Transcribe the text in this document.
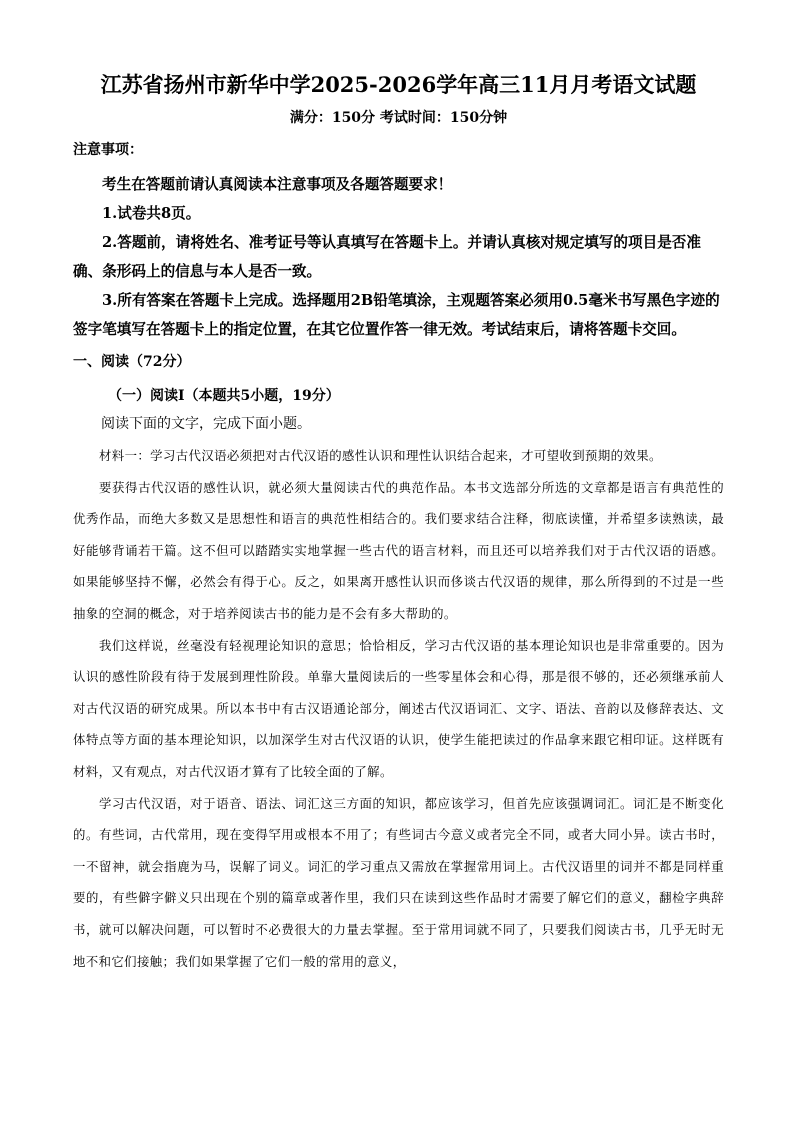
江苏省扬州市新华中学2025-2026学年高三11月月考语文试题
满分：150分 考试时间：150分钟
注意事项：

考生在答题前请认真阅读本注意事项及各题答题要求！

1.试卷共8页。

2.答题前，请将姓名、准考证号等认真填写在答题卡上。并请认真核对规定填写的项目是否准确、条形码上的信息与本人是否一致。

3.所有答案在答题卡上完成。选择题用2B铅笔填涂，主观题答案必须用0.5毫米书写黑色字迹的签字笔填写在答题卡上的指定位置，在其它位置作答一律无效。考试结束后，请将答题卡交回。

一、阅读（72分）
（一）阅读Ⅰ（本题共5小题，19分）
阅读下面的文字，完成下面小题。

材料一：学习古代汉语必须把对古代汉语的感性认识和理性认识结合起来，才可望收到预期的效果。

要获得古代汉语的感性认识，就必须大量阅读古代的典范作品。本书文选部分所选的文章都是语言有典范性的优秀作品，而绝大多数又是思想性和语言的典范性相结合的。我们要求结合注释，彻底读懂，并希望多读熟读，最好能够背诵若干篇。这不但可以踏踏实实地掌握一些古代的语言材料，而且还可以培养我们对于古代汉语的语感。如果能够坚持不懈，必然会有得于心。反之，如果离开感性认识而侈谈古代汉语的规律，那么所得到的不过是一些抽象的空洞的概念，对于培养阅读古书的能力是不会有多大帮助的。

我们这样说，丝毫没有轻视理论知识的意思；恰恰相反，学习古代汉语的基本理论知识也是非常重要的。因为认识的感性阶段有待于发展到理性阶段。单靠大量阅读后的一些零星体会和心得，那是很不够的，还必须继承前人对古代汉语的研究成果。所以本书中有古汉语通论部分，阐述古代汉语词汇、文字、语法、音韵以及修辞表达、文体特点等方面的基本理论知识，以加深学生对古代汉语的认识，使学生能把读过的作品拿来跟它相印证。这样既有材料，又有观点，对古代汉语才算有了比较全面的了解。

学习古代汉语，对于语音、语法、词汇这三方面的知识，都应该学习，但首先应该强调词汇。词汇是不断变化的。有些词，古代常用，现在变得罕用或根本不用了；有些词古今意义或者完全不同，或者大同小异。读古书时，一不留神，就会指鹿为马，误解了词义。词汇的学习重点又需放在掌握常用词上。古代汉语里的词并不都是同样重要的，有些僻字僻义只出现在个别的篇章或著作里，我们只在读到这些作品时才需要了解它们的意义，翻检字典辞书，就可以解决问题，可以暂时不必费很大的力量去掌握。至于常用词就不同了，只要我们阅读古书，几乎无时无地不和它们接触；我们如果掌握了它们一般的常用的意义，
